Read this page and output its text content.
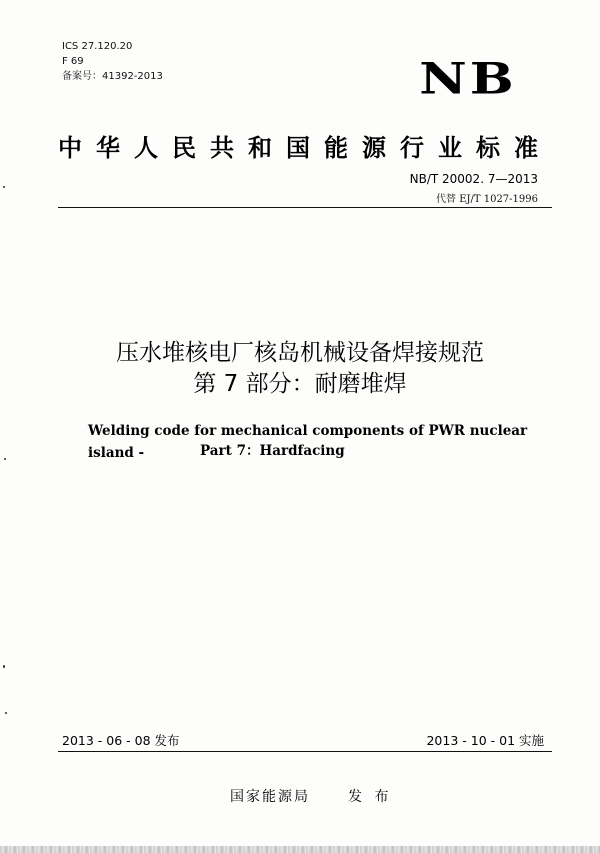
ICS 27.120.20
F 69
备案号：41392-2013	NB
中华人民共和国能源行业标准
NB/T 20002. 7—2013
代替 EJ/T 1027-1996
压水堆核电厂核岛机械设备焊接规范
第 7 部分：耐磨堆焊
Welding code for mechanical components of PWR nuclear island -	Part 7：Hardfacing
2013 - 06 - 08 发布	2013 - 10 - 01 实施
国家能源局	发 布
